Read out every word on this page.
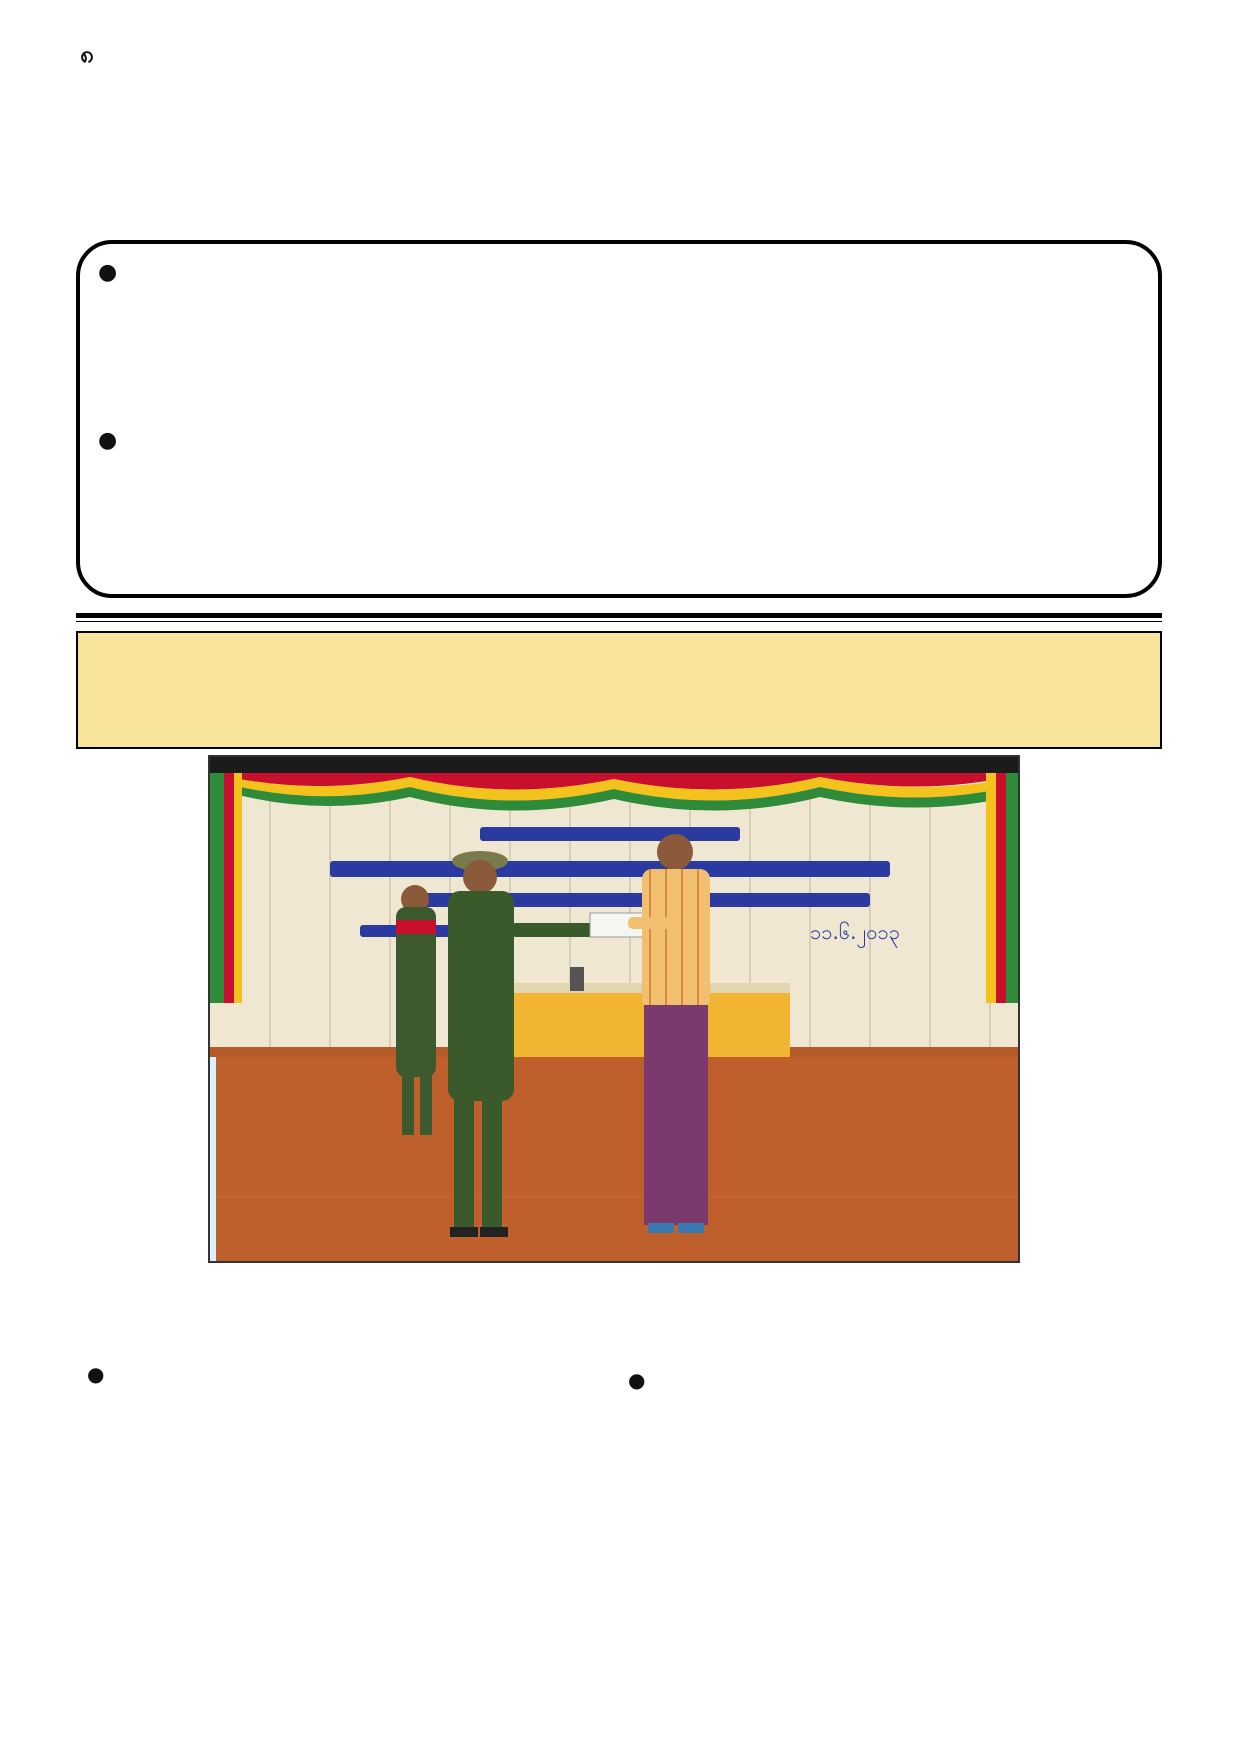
၈
●
●
၁၁.၆.၂၀၁၃
●	●
